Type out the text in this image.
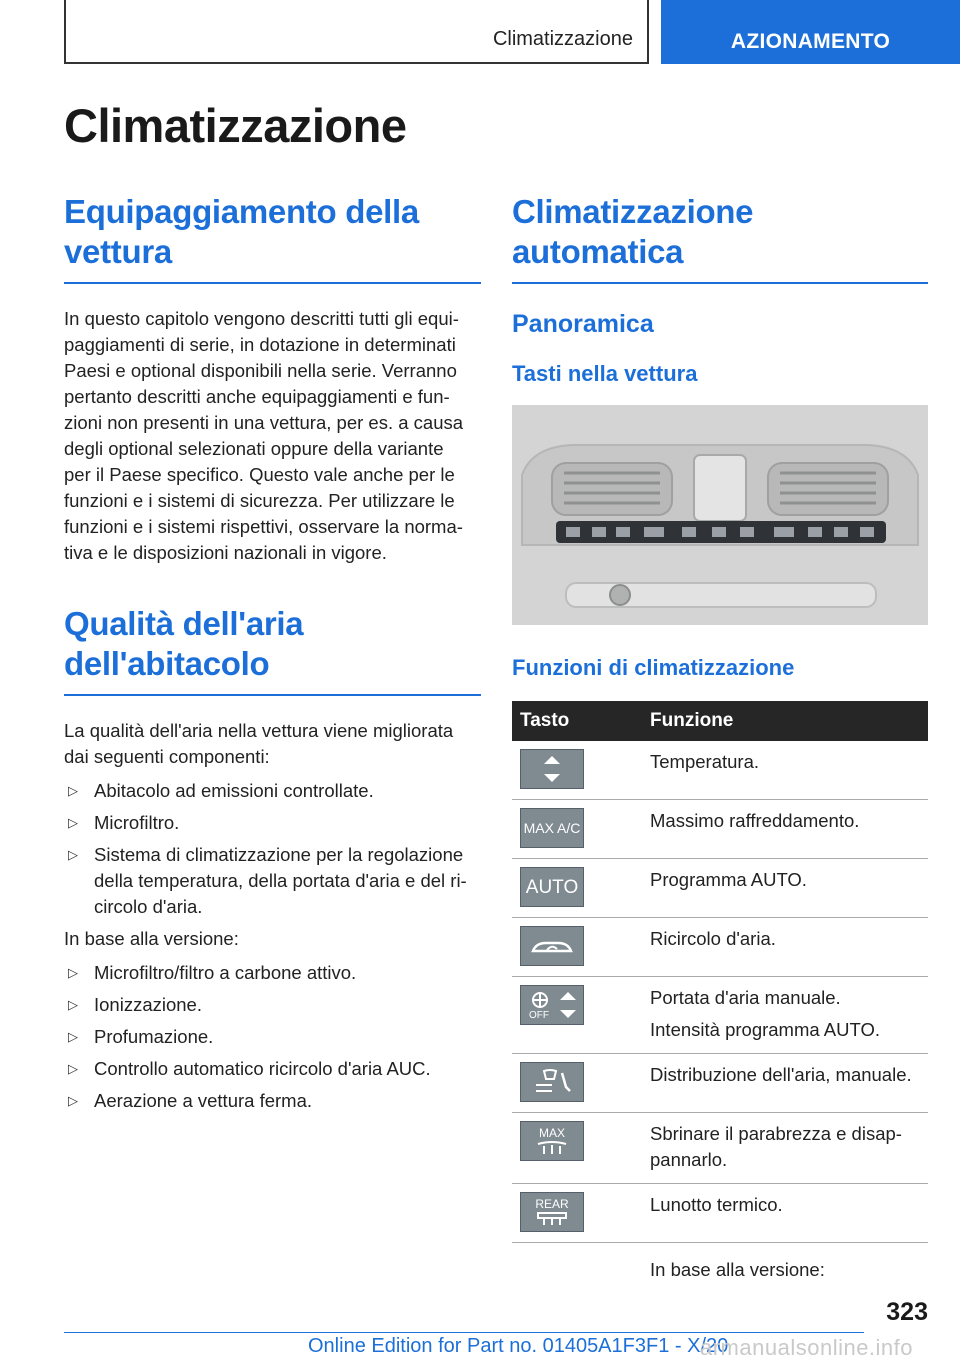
Climatizzazione	AZIONAMENTO
Climatizzazione
Equipaggiamento della vettura

In questo capitolo vengono descritti tutti gli equi‐

paggiamenti di serie, in dotazione in determinati

Paesi e optional disponibili nella serie. Verranno

pertanto descritti anche equipaggiamenti e fun‐

zioni non presenti in una vettura, per es. a causa

degli optional selezionati oppure della variante

per il Paese specifico. Questo vale anche per le

funzioni e i sistemi di sicurezza. Per utilizzare le

funzioni e i sistemi rispettivi, osservare la norma‐

tiva e le disposizioni nazionali in vigore.

Qualità dell'aria dell'abitacolo

La qualità dell'aria nella vettura viene migliorata

dai seguenti componenti:

▷ Abitacolo ad emissioni controllate.
▷ Microfiltro.
▷ Sistema di climatizzazione per la regolazione della temperatura, della portata d'aria e del ri‐ circolo d'aria.

In base alla versione:

▷ Microfiltro/filtro a carbone attivo.
▷ Ionizzazione.
▷ Profumazione.
▷ Controllo automatico ricircolo d'aria AUC.
▷ Aerazione a vettura ferma.
Climatizzazione automatica
Panoramica
Tasti nella vettura
Funzioni di climatizzazione
Tasto	Funzione

Temperatura.

MAX A/C	Massimo raffreddamento.

AUTO	Programma AUTO.

Ricircolo d'aria.

OFF	Portata d'aria manuale.
Intensità programma AUTO.

Distribuzione dell'aria, manuale.

MAX	Sbrinare il parabrezza e disap‐
pannarlo.

REAR	Lunotto termico.

	In base alla versione:
323
Online Edition for Part no. 01405A1F3F1 - X/20
armanualsonline.info
